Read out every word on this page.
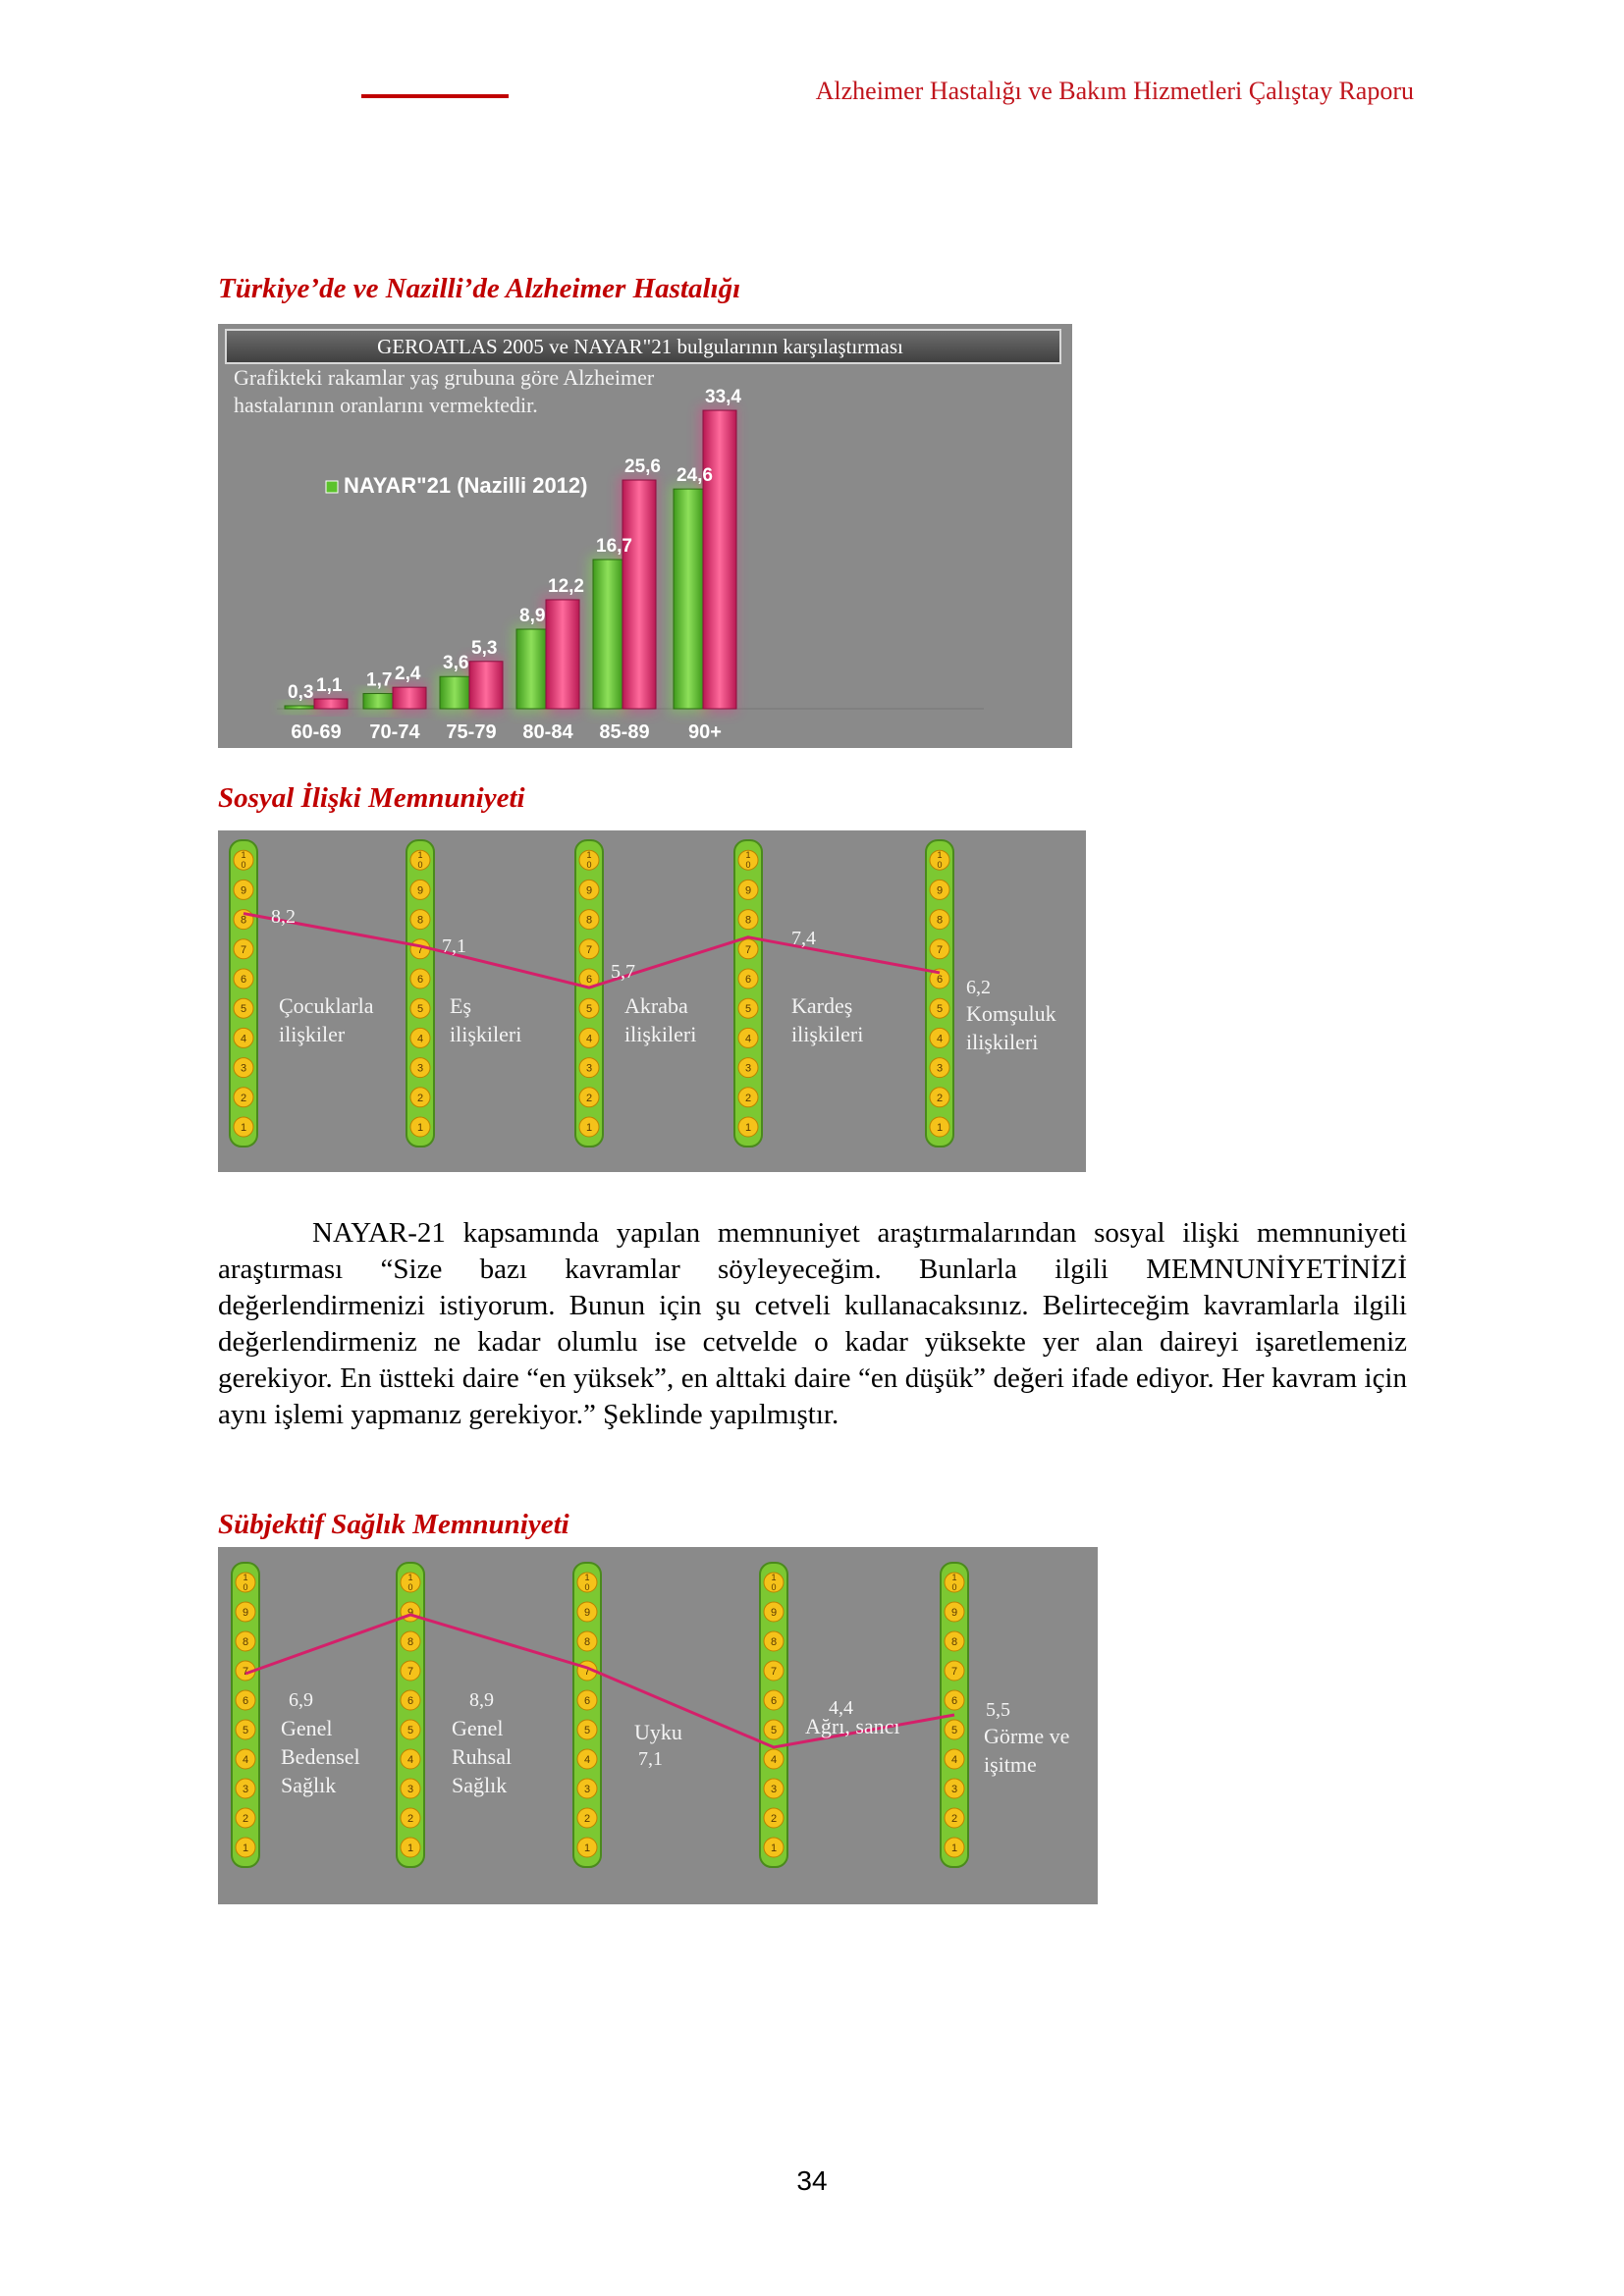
Alzheimer Hastalığı ve Bakım Hizmetleri Çalıştay Raporu
Türkiye’de ve Nazilli’de Alzheimer Hastalığı
GEROATLAS 2005 ve NAYAR"21 bulgularının karşılaştırması
Grafikteki rakamlar yaş grubuna göre Alzheimer
hastalarının oranlarını vermektedir.
NAYAR"21 (Nazilli 2012)
0,3 1,1
60-69
1,7 2,4
70-74
3,6
5,3
75-79
8,9
12,2
80-84
16,7
25,6
85-89
24,6
33,4
90+
Sosyal İlişki Memnuniyeti
1
2
3
4
5
6
7
8
9
1
0
1
2
3
4
5
6
7
8
9
1
0
1
2
3
4
5
6
7
8
9
1
0
1
2
3
4
5
6
7
8
9
1
0
1
2
3
4
5
6
7
8
9
1
0
8,2
7,1
5,7
7,4
6,2
Çocuklarla
ilişkiler
Eş
ilişkileri
Akraba
ilişkileri
Kardeş
ilişkileri
Komşuluk
ilişkileri
NAYAR-21 kapsamında yapılan memnuniyet araştırmalarından sosyal ilişki memnuniyeti araştırması “Size bazı kavramlar söyleyeceğim. Bunlarla ilgili MEMNUNİYETİNİZİ değerlendirmenizi istiyorum. Bunun için şu cetveli kullanacaksınız. Belirteceğim kavramlarla ilgili değerlendirmeniz ne kadar olumlu ise cetvelde o kadar yüksekte yer alan daireyi işaretlemeniz gerekiyor. En üstteki daire “en yüksek”, en alttaki daire “en düşük” değeri ifade ediyor. Her kavram için aynı işlemi yapmanız gerekiyor.” Şeklinde yapılmıştır.
Sübjektif Sağlık Memnuniyeti
1
2
3
4
5
6
7
8
9
1
0
1
2
3
4
5
6
7
8
9
1
0
1
2
3
4
5
6
7
8
9
1
0
1
2
3
4
5
6
7
8
9
1
0
1
2
3
4
5
6
7
8
9
1
0
6,9	8,9
7,1
4,4	5,5
Genel
Bedensel
Sağlık
Genel
Ruhsal
Sağlık
Uyku	Ağrı, sancı	Görme ve
işitme
34
